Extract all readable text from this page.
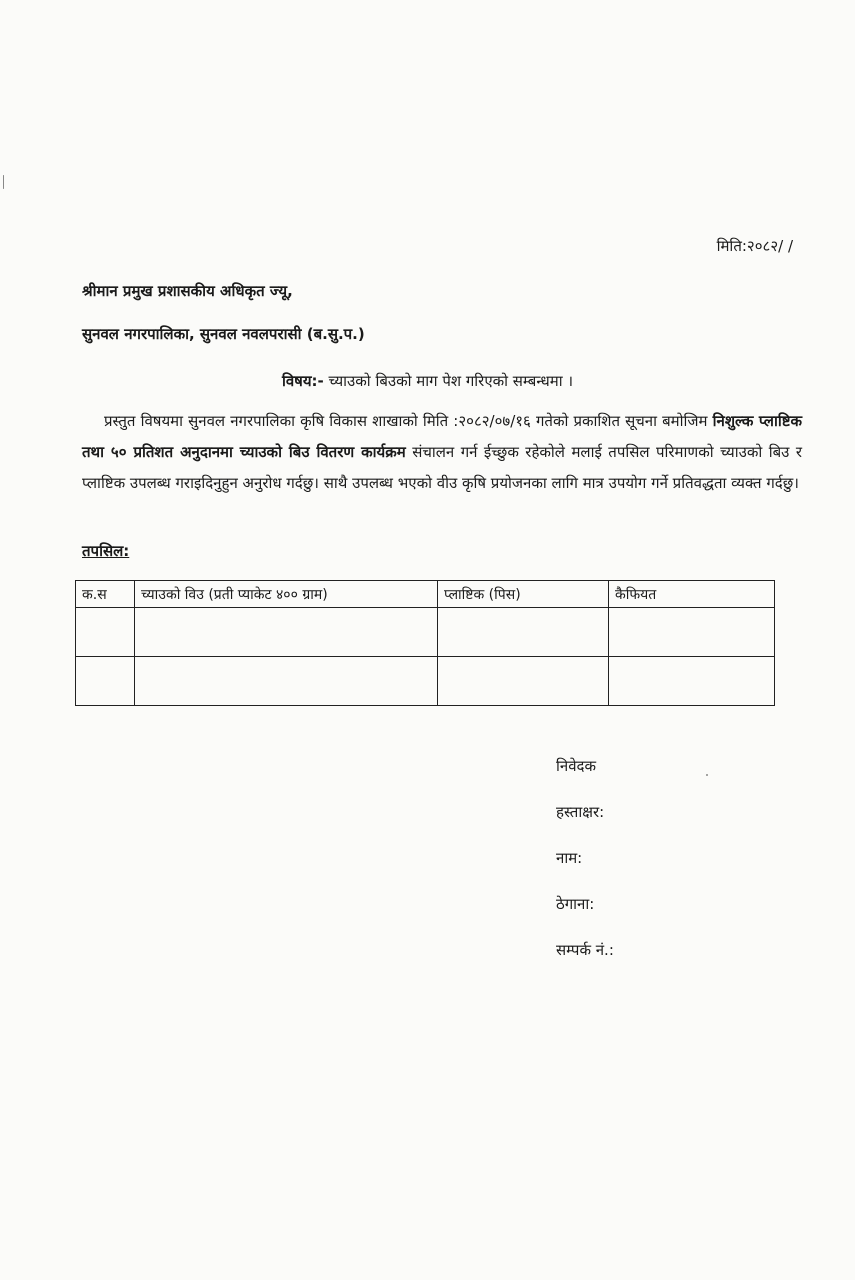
मिति:२०८२/ /
श्रीमान प्रमुख प्रशासकीय अधिकृत ज्यू,
सुनवल नगरपालिका, सुनवल नवलपरासी (ब.सु.प.)
विषय:- च्याउको बिउको माग पेश गरिएको सम्बन्धमा ।
प्रस्तुत विषयमा सुनवल नगरपालिका कृषि विकास शाखाको मिति :२०८२/०७/१६ गतेको प्रकाशित सूचना बमोजिम निशुल्क प्लाष्टिक तथा ५० प्रतिशत अनुदानमा च्याउको बिउ वितरण कार्यक्रम संचालन गर्न ईच्छुक रहेकोले मलाई तपसिल परिमाणको च्याउको बिउ र प्लाष्टिक उपलब्ध गराइदिनुहुन अनुरोध गर्दछु। साथै उपलब्ध भएको वीउ कृषि प्रयोजनका लागि मात्र उपयोग गर्ने प्रतिवद्धता व्यक्त गर्दछु।
तपसिल:
क.स	च्याउको विउ (प्रती प्याकेट ४०० ग्राम)	प्लाष्टिक (पिस)	कैफियत

निवेदक
हस्ताक्षर:
नाम:
ठेगाना:
सम्पर्क नं.:
